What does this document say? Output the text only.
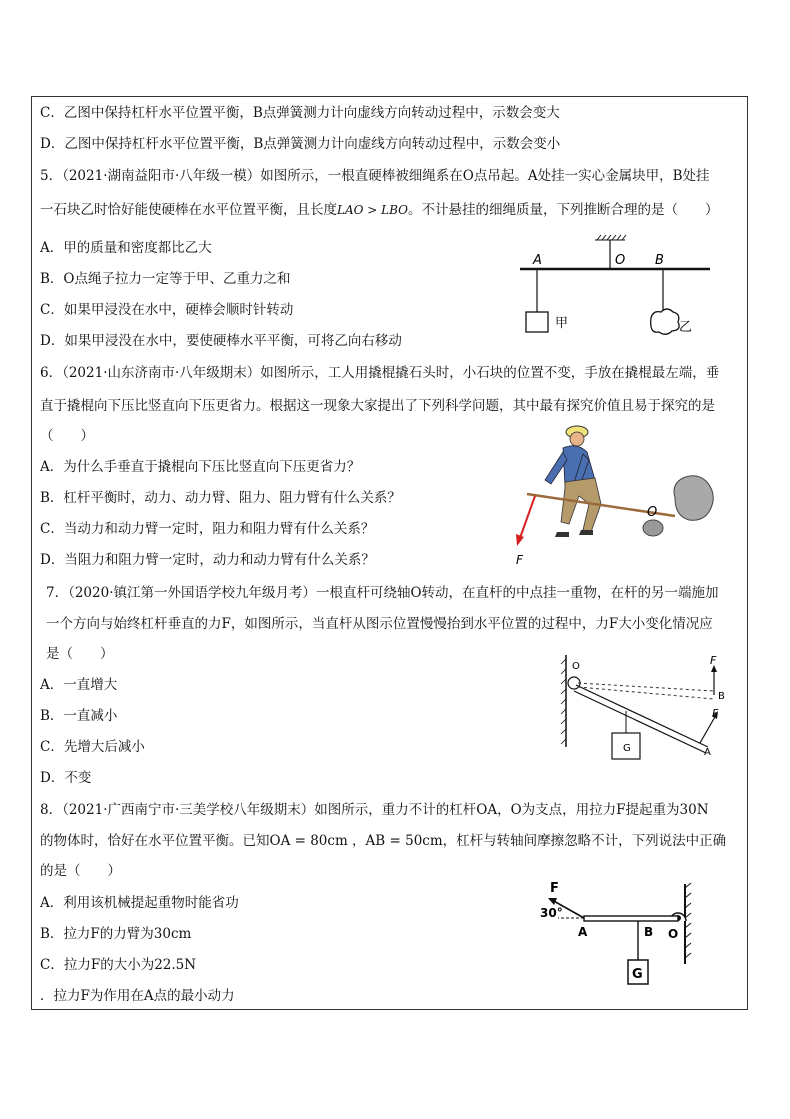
C．乙图中保持杠杆水平位置平衡，B点弹簧测力计向虚线方向转动过程中，示数会变大
D．乙图中保持杠杆水平位置平衡，B点弹簧测力计向虚线方向转动过程中，示数会变小
5．（2021·湖南益阳市·八年级一模）如图所示，一根直硬棒被细绳系在O点吊起。A处挂一实心金属块甲，B处挂
一石块乙时恰好能使硬棒在水平位置平衡，且长度LAO > LBO。不计悬挂的细绳质量，下列推断合理的是（　　）
A．甲的质量和密度都比乙大
B．O点绳子拉力一定等于甲、乙重力之和
C．如果甲浸没在水中，硬棒会顺时针转动
D．如果甲浸没在水中，要使硬棒水平平衡，可将乙向右移动
A	O B
甲	乙
6．（2021·山东济南市·八年级期末）如图所示，工人用撬棍撬石头时，小石块的位置不变，手放在撬棍最左端，垂
直于撬棍向下压比竖直向下压更省力。根据这一现象大家提出了下列科学问题，其中最有探究价值且易于探究的是
（　　）
A．为什么手垂直于撬棍向下压比竖直向下压更省力？
B．杠杆平衡时，动力、动力臂、阻力、阻力臂有什么关系？
C．当动力和动力臂一定时，阻力和阻力臂有什么关系？
D．当阻力和阻力臂一定时，动力和动力臂有什么关系？
O
F
7．（2020·镇江第一外国语学校九年级月考）一根直杆可绕轴O转动，在直杆的中点挂一重物，在杆的另一端施加
一个方向与始终杠杆垂直的力F，如图所示，当直杆从图示位置慢慢抬到水平位置的过程中，力F大小变化情况应
是（　　）
A．一直增大
B．一直减小
C．先增大后减小
D．不变
O	F
B
F
G	A
8．（2021·广西南宁市·三美学校八年级期末）如图所示，重力不计的杠杆OA，O为支点，用拉力F提起重为30N
的物体时，恰好在水平位置平衡。已知OA = 80cm ，AB = 50cm，杠杆与转轴间摩擦忽略不计，下列说法中正确
的是（　　）
A．利用该机械提起重物时能省功
B．拉力F的力臂为30cm
C．拉力F的大小为22.5N
．拉力F为作用在A点的最小动力
F
30°
A	B O
G
